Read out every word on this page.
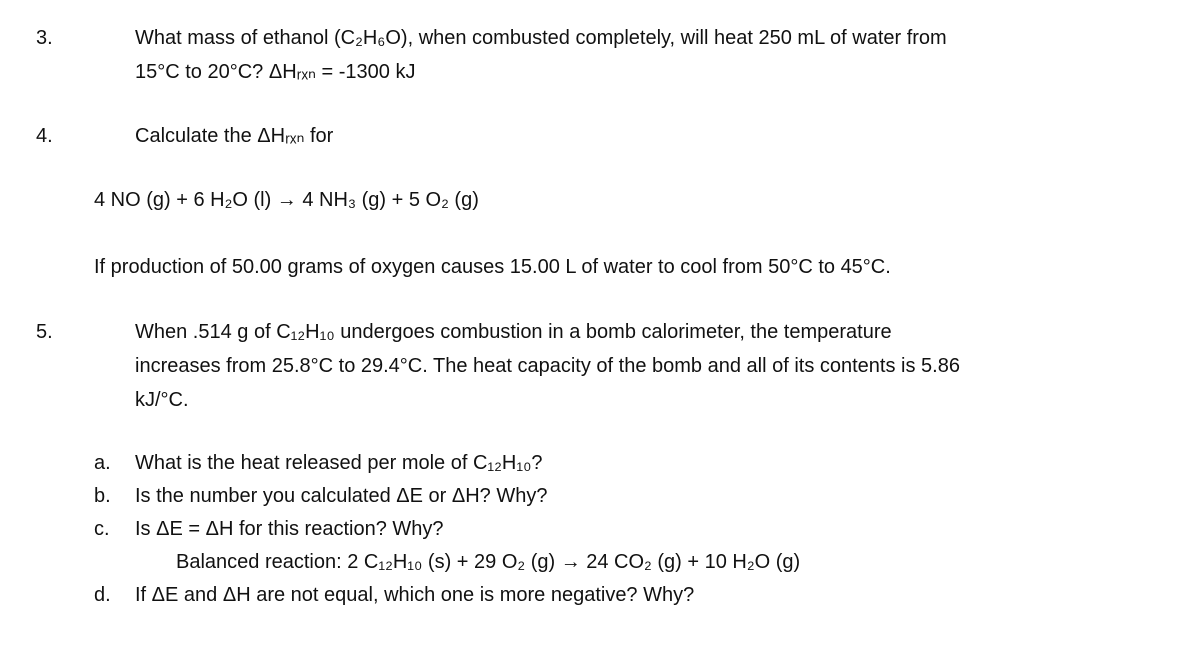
3.	What mass of ethanol (C₂H₆O), when combusted completely, will heat 250 mL of water from
15°C to 20°C? ΔHᵣₓₙ = -1300 kJ
4.	Calculate the ΔHᵣₓₙ for
4 NO (g) + 6 H₂O (l) → 4 NH₃ (g) + 5 O₂ (g)
If production of 50.00 grams of oxygen causes 15.00 L of water to cool from 50°C to 45°C.
5.	When .514 g of C₁₂H₁₀ undergoes combustion in a bomb calorimeter, the temperature
increases from 25.8°C to 29.4°C. The heat capacity of the bomb and all of its contents is 5.86
kJ/°C.
a. What is the heat released per mole of C₁₂H₁₀?
b. Is the number you calculated ΔE or ΔH? Why?
c. Is ΔE = ΔH for this reaction? Why?
Balanced reaction: 2 C₁₂H₁₀ (s) + 29 O₂ (g) → 24 CO₂ (g) + 10 H₂O (g)
d. If ΔE and ΔH are not equal, which one is more negative? Why?
